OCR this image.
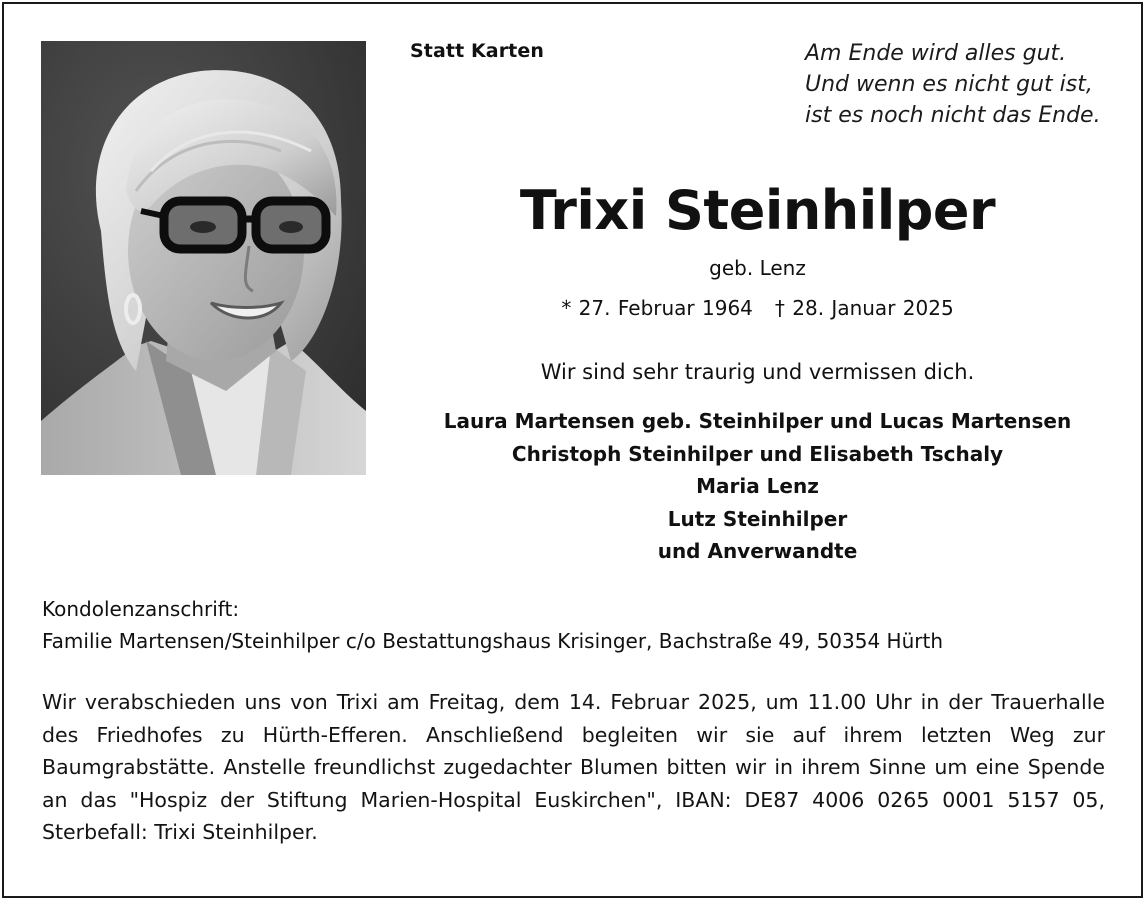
Statt Karten	Am Ende wird alles gut.
Und wenn es nicht gut ist,
ist es noch nicht das Ende.
Trixi Steinhilper
geb. Lenz
* 27. Februar 1964 † 28. Januar 2025
Wir sind sehr traurig und vermissen dich.
Laura Martensen geb. Steinhilper und Lucas Martensen
Christoph Steinhilper und Elisabeth Tschaly
Maria Lenz
Lutz Steinhilper
und Anverwandte
Kondolenzanschrift:
Familie Martensen/Steinhilper c/o Bestattungshaus Krisinger, Bachstraße 49, 50354 Hürth
Wir verabschieden uns von Trixi am Freitag, dem 14. Februar 2025, um 11.00 Uhr in der Trauerhalle des Friedhofes zu Hürth-Efferen. Anschließend begleiten wir sie auf ihrem letzten Weg zur Baumgrabstätte. Anstelle freundlichst zugedachter Blumen bitten wir in ihrem Sinne um eine Spende an das "Hospiz der Stiftung Marien-Hospital Euskirchen", IBAN: DE87 4006 0265 0001 5157 05, Sterbefall: Trixi Steinhilper.
